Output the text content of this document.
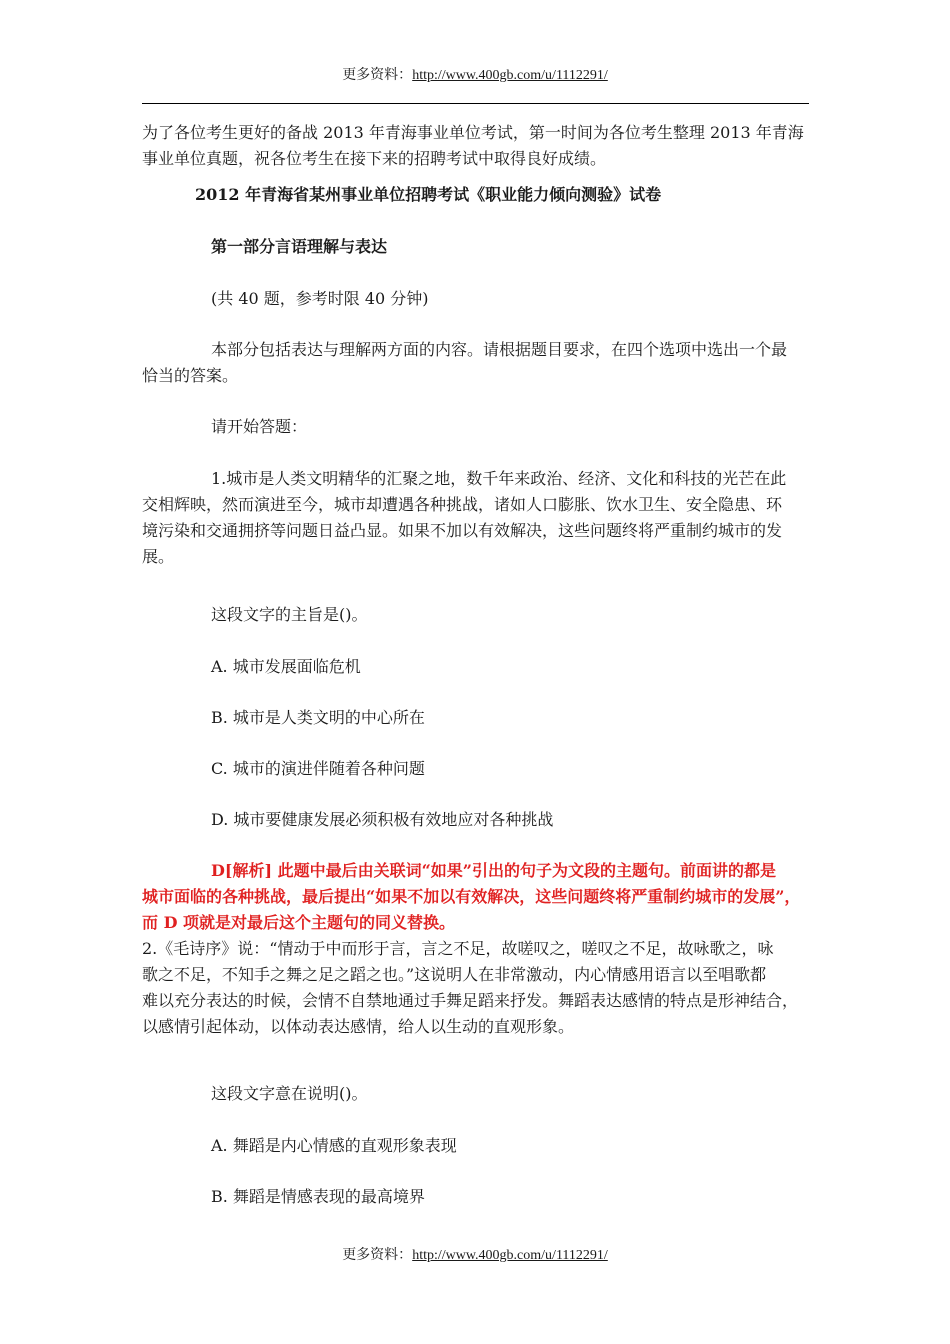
更多资料：http://www.400gb.com/u/1112291/
为了各位考生更好的备战 2013 年青海事业单位考试，第一时间为各位考生整理 2013 年青海
事业单位真题，祝各位考生在接下来的招聘考试中取得良好成绩。
2012 年青海省某州事业单位招聘考试《职业能力倾向测验》试卷
第一部分言语理解与表达
(共 40 题，参考时限 40 分钟)
本部分包括表达与理解两方面的内容。请根据题目要求，在四个选项中选出一个最
恰当的答案。
请开始答题：
1.城市是人类文明精华的汇聚之地，数千年来政治、经济、文化和科技的光芒在此
交相辉映，然而演进至今，城市却遭遇各种挑战，诸如人口膨胀、饮水卫生、安全隐患、环
境污染和交通拥挤等问题日益凸显。如果不加以有效解决，这些问题终将严重制约城市的发
展。
这段文字的主旨是()。
A. 城市发展面临危机
B. 城市是人类文明的中心所在
C. 城市的演进伴随着各种问题
D. 城市要健康发展必须积极有效地应对各种挑战
D[解析] 此题中最后由关联词“如果”引出的句子为文段的主题句。前面讲的都是
城市面临的各种挑战，最后提出“如果不加以有效解决，这些问题终将严重制约城市的发展”，
而 D 项就是对最后这个主题句的同义替换。
2.《毛诗序》说：“情动于中而形于言，言之不足，故嗟叹之，嗟叹之不足，故咏歌之，咏
歌之不足，不知手之舞之足之蹈之也。”这说明人在非常激动，内心情感用语言以至唱歌都
难以充分表达的时候，会情不自禁地通过手舞足蹈来抒发。舞蹈表达感情的特点是形神结合，
以感情引起体动，以体动表达感情，给人以生动的直观形象。
这段文字意在说明()。
A. 舞蹈是内心情感的直观形象表现
B. 舞蹈是情感表现的最高境界
更多资料：http://www.400gb.com/u/1112291/
